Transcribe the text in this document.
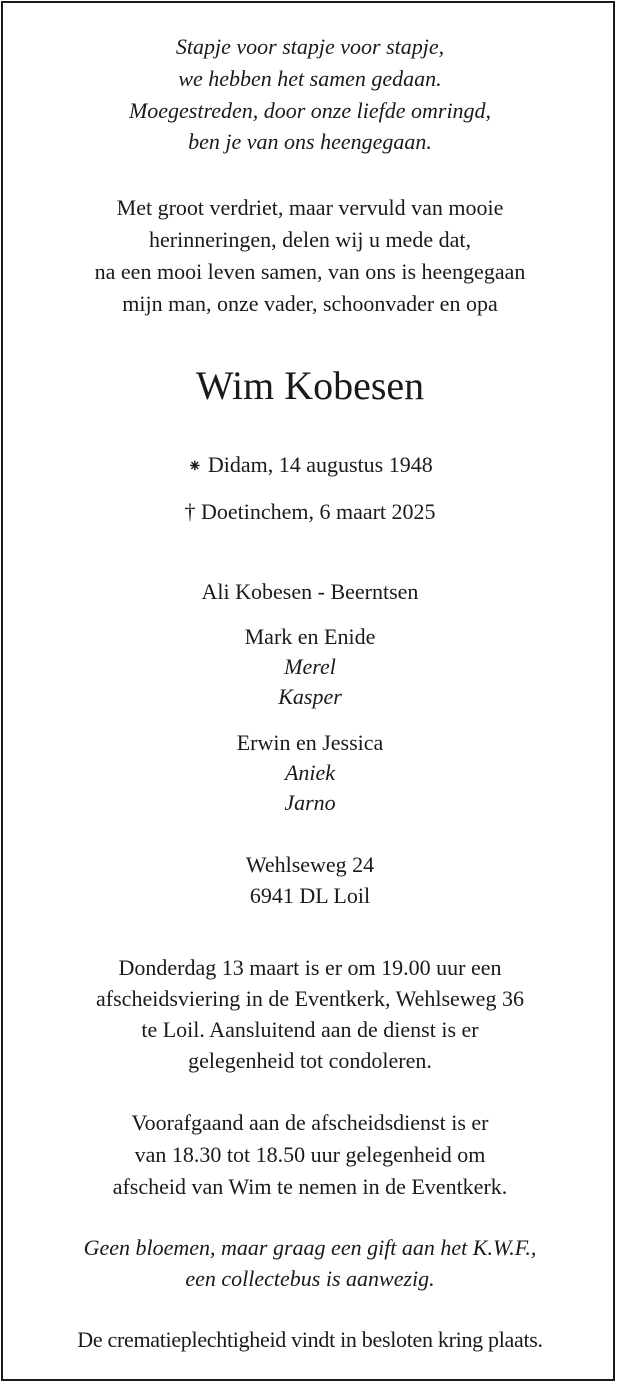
Stapje voor stapje voor stapje,
we hebben het samen gedaan.
Moegestreden, door onze liefde omringd,
ben je van ons heengegaan.
Met groot verdriet, maar vervuld van mooie
herinneringen, delen wij u mede dat,
na een mooi leven samen, van ons is heengegaan
mijn man, onze vader, schoonvader en opa
Wim Kobesen
⁕ Didam, 14 augustus 1948
† Doetinchem, 6 maart 2025
Ali Kobesen - Beerntsen
Mark en Enide
Merel
Kasper
Erwin en Jessica
Aniek
Jarno
Wehlseweg 24
6941 DL Loil
Donderdag 13 maart is er om 19.00 uur een
afscheidsviering in de Eventkerk, Wehlseweg 36
te Loil. Aansluitend aan de dienst is er
gelegenheid tot condoleren.
Voorafgaand aan de afscheidsdienst is er
van 18.30 tot 18.50 uur gelegenheid om
afscheid van Wim te nemen in de Eventkerk.
Geen bloemen, maar graag een gift aan het K.W.F.,
een collectebus is aanwezig.
De crematieplechtigheid vindt in besloten kring plaats.
